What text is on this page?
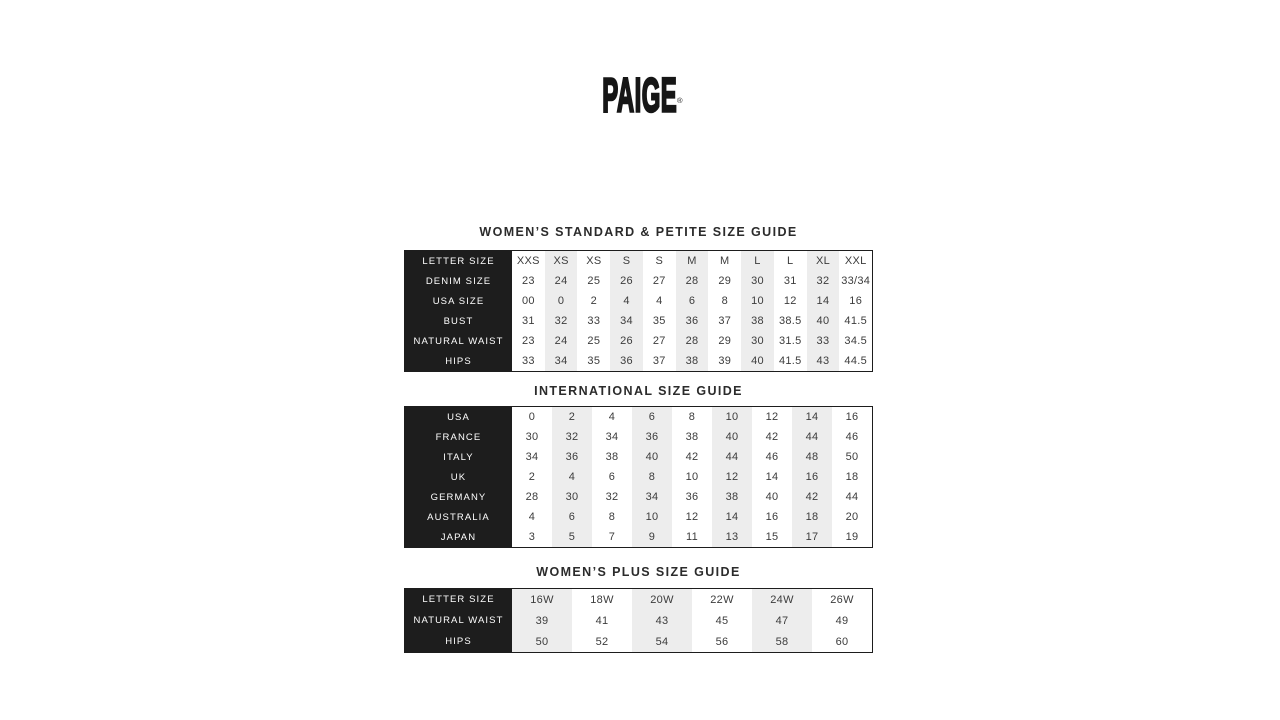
PAIGE ®
WOMEN’S STANDARD & PETITE SIZE GUIDE
LETTER SIZE	XXS	XS	XS	S	S	M	M	L	L	XL	XXL
DENIM SIZE	23	24	25	26	27	28	29	30	31	32	33/34
USA SIZE	00	0	2	4	4	6	8	10	12	14	16
BUST	31	32	33	34	35	36	37	38	38.5	40	41.5
NATURAL WAIST	23	24	25	26	27	28	29	30	31.5	33	34.5
HIPS	33	34	35	36	37	38	39	40	41.5	43	44.5
INTERNATIONAL SIZE GUIDE
USA	0	2	4	6	8	10	12	14	16
FRANCE	30	32	34	36	38	40	42	44	46
ITALY	34	36	38	40	42	44	46	48	50
UK	2	4	6	8	10	12	14	16	18
GERMANY	28	30	32	34	36	38	40	42	44
AUSTRALIA	4	6	8	10	12	14	16	18	20
JAPAN	3	5	7	9	11	13	15	17	19
WOMEN’S PLUS SIZE GUIDE
LETTER SIZE	16W	18W	20W	22W	24W	26W
NATURAL WAIST	39	41	43	45	47	49
HIPS	50	52	54	56	58	60
